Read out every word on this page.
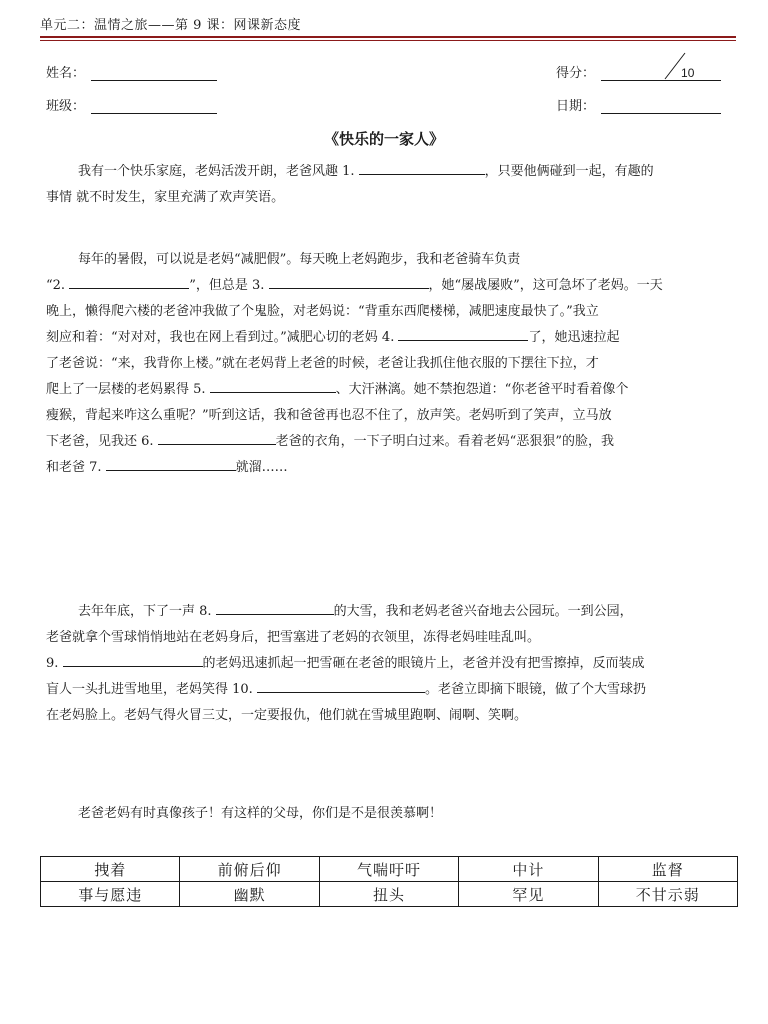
单元二：温情之旅——第 9 课：网课新态度
姓名：
班级：
得分：	10
日期：
《快乐的一家人》
我有一个快乐家庭，老妈活泼开朗，老爸风趣 1.	，只要他俩碰到一起，有趣的
事情 就不时发生，家里充满了欢声笑语。
每年的暑假，可以说是老妈“减肥假”。每天晚上老妈跑步，我和老爸骑车负责
“2.	”，但总是 3.	，她“屡战屡败”，这可急坏了老妈。一天
晚上，懒得爬六楼的老爸冲我做了个鬼脸，对老妈说：“背重东西爬楼梯，减肥速度最快了。”我立
刻应和着：“对对对，我也在网上看到过。”减肥心切的老妈 4.	了，她迅速拉起
了老爸说：“来，我背你上楼。”就在老妈背上老爸的时候，老爸让我抓住他衣服的下摆往下拉，才
爬上了一层楼的老妈累得 5.	、大汗淋漓。她不禁抱怨道：“你老爸平时看着像个
瘦猴，背起来咋这么重呢？”听到这话，我和爸爸再也忍不住了，放声笑。老妈听到了笑声，立马放
下老爸，见我还 6.	老爸的衣角，一下子明白过来。看着老妈“恶狠狠”的脸，我
和老爸 7.	就溜……
去年年底，下了一声 8.	的大雪，我和老妈老爸兴奋地去公园玩。一到公园，
老爸就拿个雪球悄悄地站在老妈身后，把雪塞进了老妈的衣领里，冻得老妈哇哇乱叫。
9.	的老妈迅速抓起一把雪砸在老爸的眼镜片上，老爸并没有把雪擦掉，反而装成
盲人一头扎进雪地里，老妈笑得 10.	。老爸立即摘下眼镜，做了个大雪球扔
在老妈脸上。老妈气得火冒三丈，一定要报仇，他们就在雪城里跑啊、闹啊、笑啊。
老爸老妈有时真像孩子！有这样的父母，你们是不是很羡慕啊！
拽着	前俯后仰	气喘吁吁	中计	监督
事与愿违	幽默	扭头	罕见	不甘示弱
